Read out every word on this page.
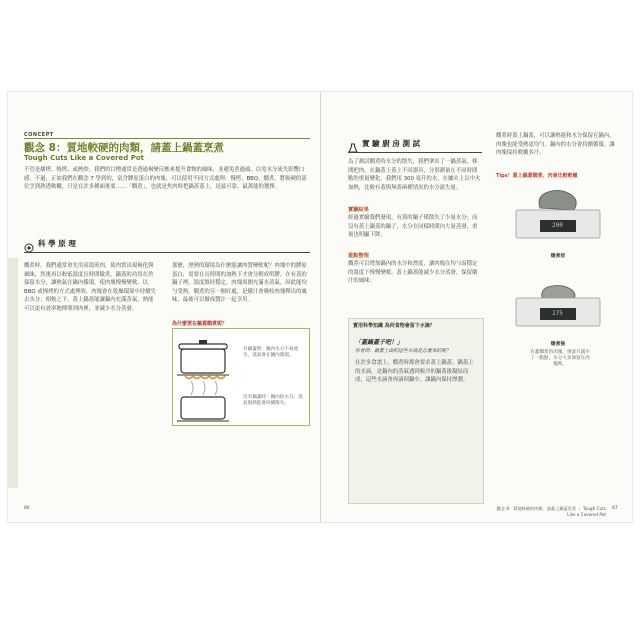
CONCEPT
觀念 8：質地較硬的肉類，請蓋上鍋蓋烹煮
Tough Cuts Like a Covered Pot
不管是燉烤、燒烤、或熱炒，我們的目標通常是透過褐變反應來提升食物的風味，並避免煮過頭，以免水分流失影響口感。不過，正如我們在觀念 7 學到的，富含膠原蛋白的肉塊，可以使用不同方式處理：慢烤、BBQ、燜煮，將較硬的部位烹到熟透軟嫩，只是在許多種面後要……「燜煮」，也就是焦肉時把鍋蓋蓋上，是最可靠、最萬能的選擇。
科 學 原 理
燜煮時，我們通常會先用高溫煎肉，使肉質出現褐化與風味，然後再以較低溫度長時間燉煮。鍋蓋的功用在於保留水分，讓熱氣在鍋內循環，使肉塊慢慢變軟。以 BBQ 或慢烤的方式處理時，肉塊會在乾燥環境中持續失去水分；相較之下，蓋上鍋蓋能讓鍋內充滿蒸氣，熱能可以更有效率地傳導到肉裡，並減少水分蒸發。
那麼，溼熱的環境為什麼能讓肉質變軟呢？肉塊中的膠原蛋白，需要在長時間的加熱下才會分解成明膠。在有蓋的鍋子裡，溫度維持穩定，肉塊周圍充滿水蒸氣，因此能均勻受熱。燜煮的另一個好處，是燉汁會吸收肉塊釋出的風味，最後可以做成醬汁一起享用。
為什麼要在鍋蓋燜煮呢？
有鍋蓋時：鍋內水分不易流失，蒸氣會在鍋內循環。
沒有鍋蓋時：鍋內的水分、蒸氣與熱能會持續散失。
86
實 驗 廚 房 測 試
為了測試燜煮時水分的散失，我們拿出了一鍋蒸氣，移開把肉，在鍋蓋上蓋上不同器具，分別測量在不同時間點的重量變化。我們用 300 毫升的水，在爐火上以中火加熱，比較有蓋與無蓋兩種情況的水分流失量。
實驗結果
經過實驗我們發現，有蓋的鍋子僅散失了少量水分；而沒有蓋上鍋蓋的鍋子，水分在同樣時間內大量蒸發，重量也明顯下降。
重點整理
燜煮可以增加鍋內的水分和溼度，讓肉塊在均勻而穩定的溫度下慢慢變軟。蓋上鍋蓋能減少水分蒸發，保留燉汁的風味。
實用科學知識 為何食物會留下水滴？
「蓋鍋蓋子吧！」
你會問：鍋蓋上面的這些水滴是怎麼來的呢？
在許多食譜上，燜煮時都會要求蓋上鍋蓋。鍋蓋上的水滴，是鍋內的蒸氣遇到較冷的鍋蓋後凝結而成，這些水滴會再滴回鍋中，讓鍋內保持溼潤。
燜煮時蓋上鍋蓋，可以讓熱能和水分保留在鍋內，肉塊也能受熱更均勻。鍋內的水分會持續循環，讓肉塊保持軟嫩多汁。
Tips！蓋上鍋蓋燜煮、肉會比較軟嫩
200
燉煮前
175
燉煮後
有蓋燜煮的肉塊，重量只減少了一點點，水分大多保留在肉塊裡。
觀念 8：質地較硬的肉類，請蓋上鍋蓋烹煮 ｜ Tough Cuts Like a Covered Pot
87
